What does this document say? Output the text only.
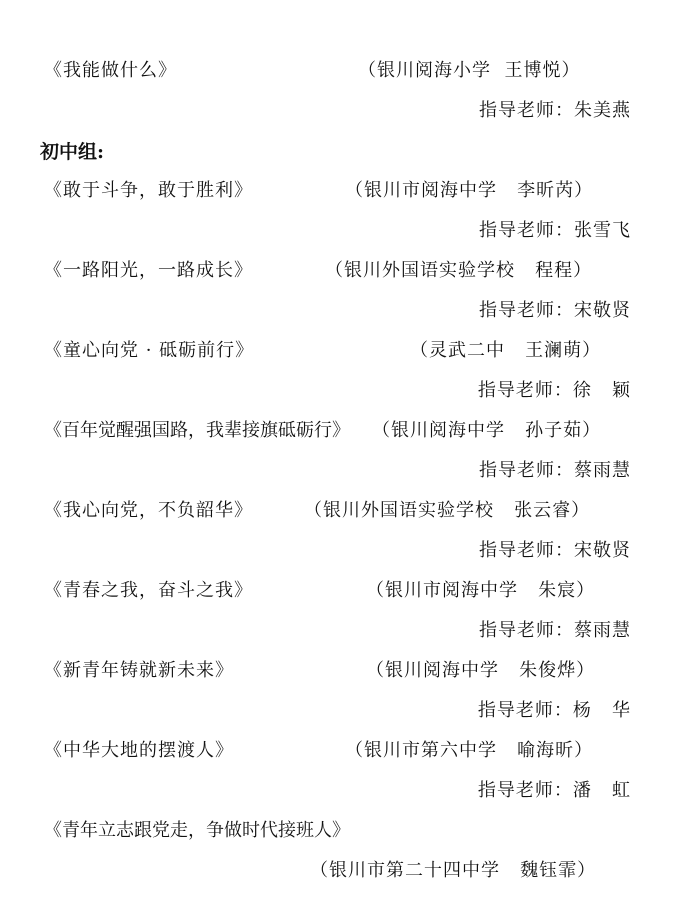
《我能做什么》	（银川阅海小学  王博悦）
指导老师：朱美燕
初中组:
《敢于斗争，敢于胜利》	（银川市阅海中学   李昕芮）
指导老师：张雪飞
《一路阳光，一路成长》	（银川外国语实验学校   程程）
指导老师：宋敬贤
《童心向党 · 砥砺前行》	（灵武二中   王澜萌）
指导老师：徐   颖
《百年觉醒强国路，我辈接旗砥砺行》 （银川阅海中学   孙子茹）
指导老师：蔡雨慧
《我心向党，不负韶华》	（银川外国语实验学校   张云睿）
指导老师：宋敬贤
《青春之我，奋斗之我》	（银川市阅海中学   朱宸）
指导老师：蔡雨慧
《新青年铸就新未来》	（银川阅海中学   朱俊烨）
指导老师：杨   华
《中华大地的摆渡人》	（银川市第六中学   喻海昕）
指导老师：潘   虹
《青年立志跟党走，争做时代接班人》
（银川市第二十四中学   魏钰霏）
